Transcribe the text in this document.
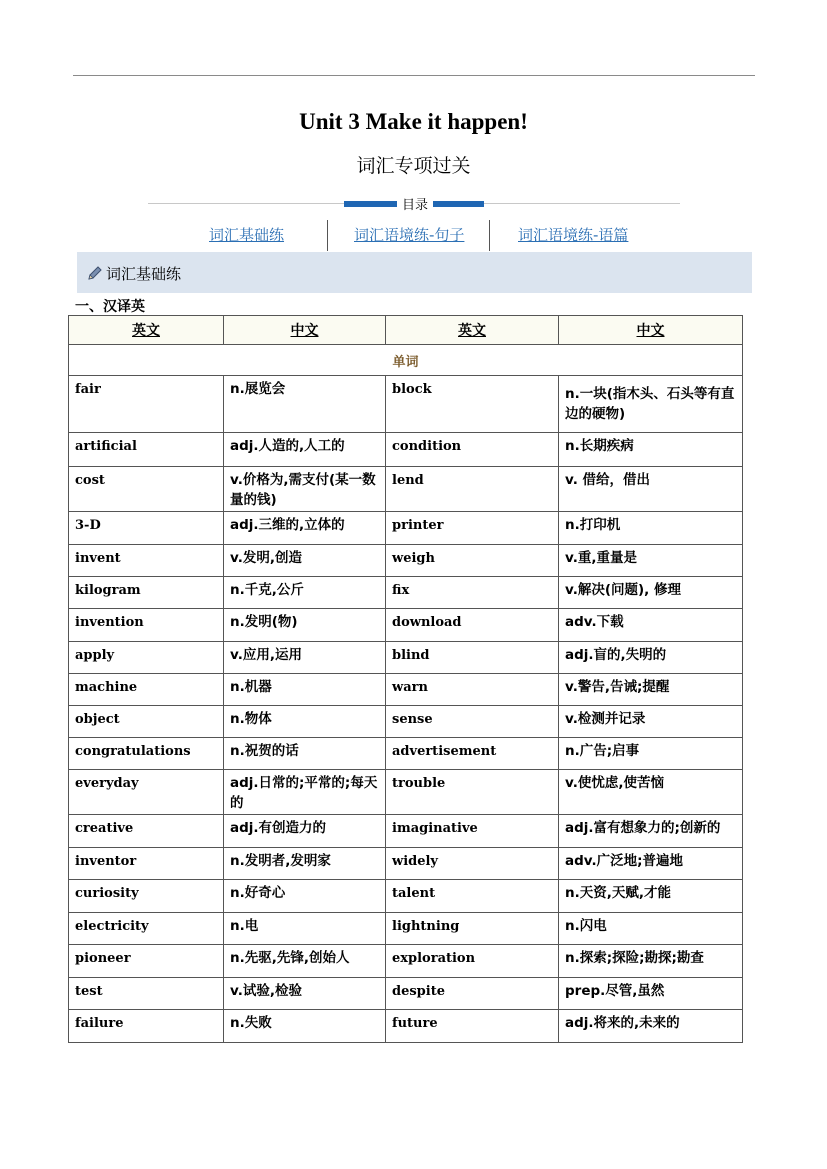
Unit 3 Make it happen!
词汇专项过关
目录
词汇基础练	词汇语境练-句子	词汇语境练-语篇
词汇基础练
一、汉译英
英文	中文	英文	中文
单词			
fair	n.展览会	block	n.一块(指木头、石头等有直边的硬物)
artificial	adj.人造的,人工的	condition	n.长期疾病
cost	v.价格为,需支付(某一数量的钱)	lend	v. 借给，借出
3-D	adj.三维的,立体的	printer	n.打印机
invent	v.发明,创造	weigh	v.重,重量是
kilogram	n.千克,公斤	fix	v.解决(问题), 修理
invention	n.发明(物)	download	adv.下载
apply	v.应用,运用	blind	adj.盲的,失明的
machine	n.机器	warn	v.警告,告诫;提醒
object	n.物体	sense	v.检测并记录
congratulations	n.祝贺的话	advertisement	n.广告;启事
everyday	adj.日常的;平常的;每天的	trouble	v.使忧虑,使苦恼
creative	adj.有创造力的	imaginative	adj.富有想象力的;创新的
inventor	n.发明者,发明家	widely	adv.广泛地;普遍地
curiosity	n.好奇心	talent	n.天资,天赋,才能
electricity	n.电	lightning	n.闪电
pioneer	n.先驱,先锋,创始人	exploration	n.探索;探险;勘探;勘查
test	v.试验,检验	despite	prep.尽管,虽然
failure	n.失败	future	adj.将来的,未来的
